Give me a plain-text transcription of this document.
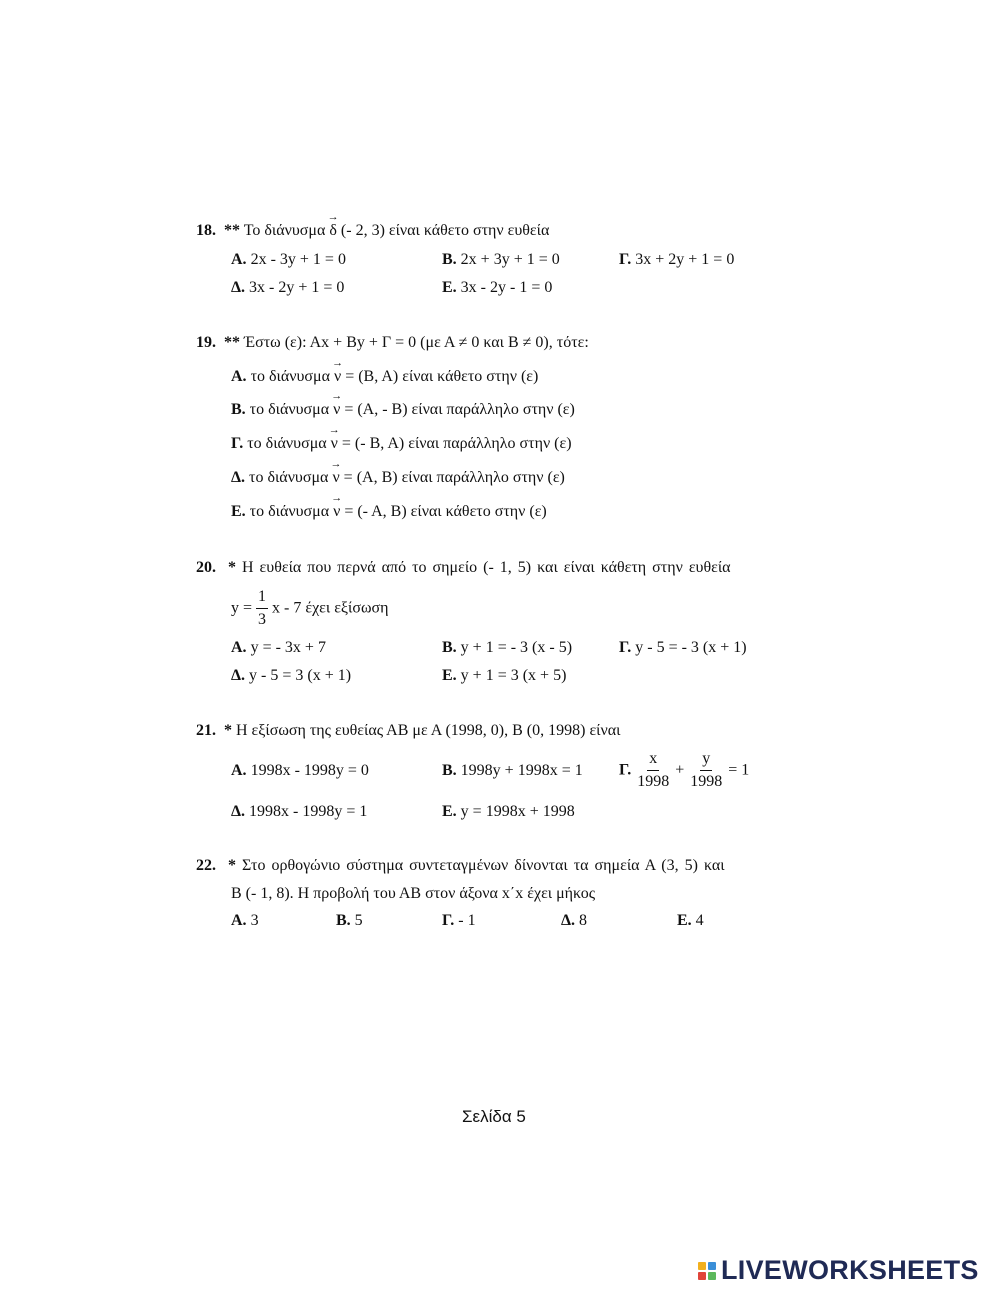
18. ** Το διάνυσμα
→
δ (- 2, 3) είναι κάθετο στην ευθεία
Α. 2x - 3y + 1 = 0	Β. 2x + 3y + 1 = 0	Γ. 3x + 2y + 1 = 0
Δ. 3x - 2y + 1 = 0	Ε. 3x - 2y - 1 = 0
19. ** Έστω (ε): Αx + Βy + Γ = 0 (με Α ≠ 0 και Β ≠ 0), τότε:
Α. το διάνυσμα
→
ν = (Β, Α) είναι κάθετο στην (ε)
Β. το διάνυσμα
→
ν = (Α, - Β) είναι παράλληλο στην (ε)
Γ. το διάνυσμα
→
ν = (- Β, Α) είναι παράλληλο στην (ε)
Δ. το διάνυσμα
→
ν = (Α, Β) είναι παράλληλο στην (ε)
Ε. το διάνυσμα
→
ν = (- Α, Β) είναι κάθετο στην (ε)
20. * Η ευθεία που περνά από το σημείο (- 1, 5) και είναι κάθετη στην ευθεία
$y = \frac{1}{3}$ x - 7 έχει εξίσωση
Α. y = - 3x + 7	Β. y + 1 = - 3 (x - 5)	Γ. y - 5 = - 3 (x + 1)
Δ. y - 5 = 3 (x + 1)	Ε. y + 1 = 3 (x + 5)
21. * Η εξίσωση της ευθείας ΑΒ με Α (1998, 0), Β (0, 1998) είναι
Α. 1998x - 1998y = 0	Β. 1998y + 1998x = 1 Γ. $\frac{x}{1998} + \frac{y}{1998} = 1$
Δ. 1998x - 1998y = 1	Ε. y = 1998x + 1998
22. * Στο ορθογώνιο σύστημα συντεταγμένων δίνονται τα σημεία Α (3, 5) και
Β (- 1, 8). Η προβολή του ΑΒ στον άξονα x΄x έχει μήκος
Α. 3	Β. 5	Γ. - 1	Δ. 8	Ε. 4
Σελίδα 5
LIVEWORKSHEETS
